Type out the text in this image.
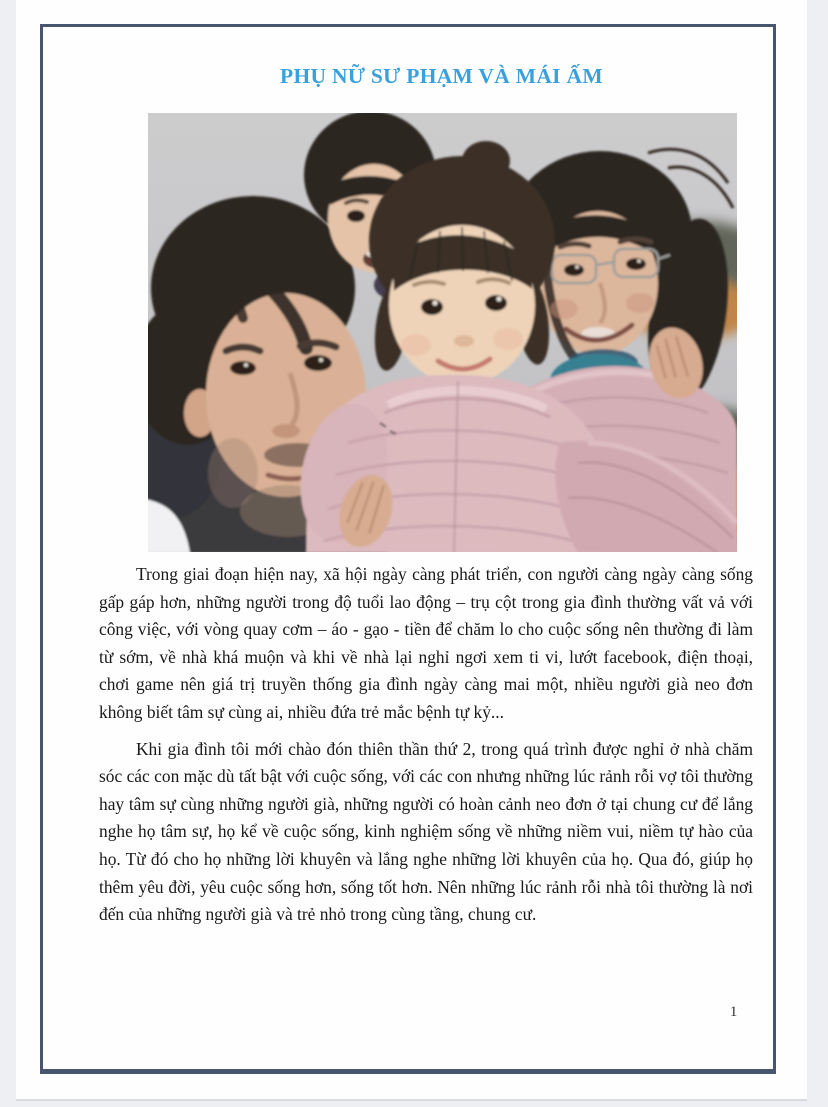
PHỤ NỮ SƯ PHẠM VÀ MÁI ẤM

Trong giai đoạn hiện nay, xã hội ngày càng phát triển, con người càng ngày càng sống gấp gáp hơn, những người trong độ tuổi lao động – trụ cột trong gia đình thường vất vả với công việc, với vòng quay cơm – áo - gạo - tiền để chăm lo cho cuộc sống nên thường đi làm từ sớm, về nhà khá muộn và khi về nhà lại nghỉ ngơi xem ti vi, lướt facebook, điện thoại, chơi game nên giá trị truyền thống gia đình ngày càng mai một, nhiều người già neo đơn không biết tâm sự cùng ai, nhiều đứa trẻ mắc bệnh tự kỷ...

Khi gia đình tôi mới chào đón thiên thần thứ 2, trong quá trình được nghỉ ở nhà chăm sóc các con mặc dù tất bật với cuộc sống, với các con nhưng những lúc rảnh rỗi vợ tôi thường hay tâm sự cùng những người già, những người có hoàn cảnh neo đơn ở tại chung cư để lắng nghe họ tâm sự, họ kể về cuộc sống, kinh nghiệm sống về những niềm vui, niềm tự hào của họ. Từ đó cho họ những lời khuyên và lắng nghe những lời khuyên của họ. Qua đó, giúp họ thêm yêu đời, yêu cuộc sống hơn, sống tốt hơn. Nên những lúc rảnh rỗi nhà tôi thường là nơi đến của những người già và trẻ nhỏ trong cùng tầng, chung cư.

1
